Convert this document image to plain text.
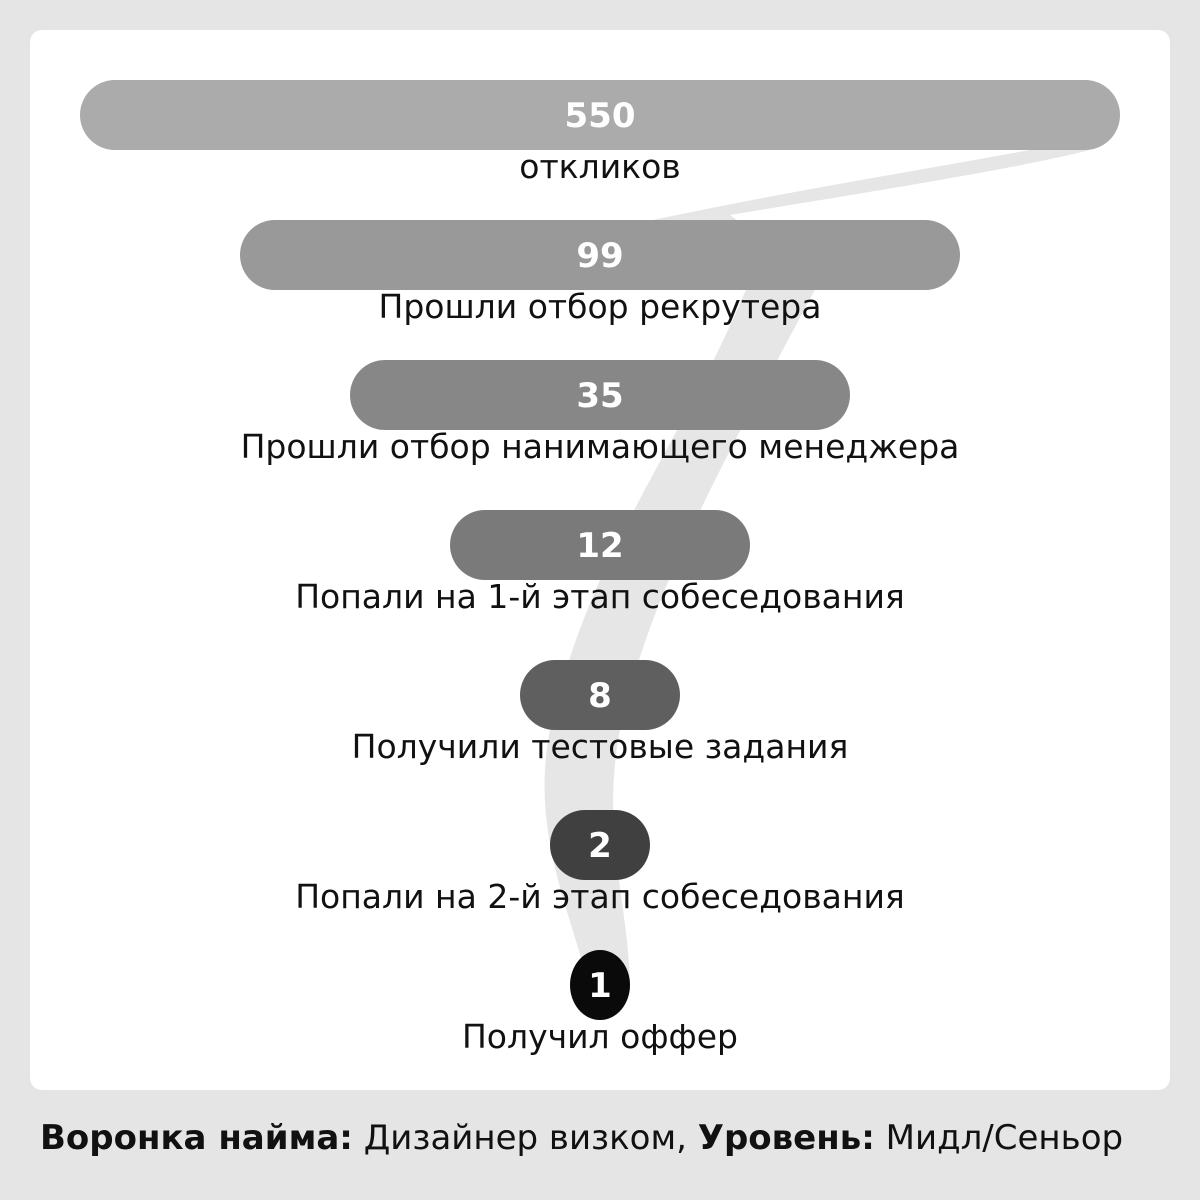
550
откликов
99
Прошли отбор рекрутера
35
Прошли отбор нанимающего менеджера
12
Попали на 1-й этап собеседования
8
Получили тестовые задания
2
Попали на 2-й этап собеседования
1
Получил оффер
Воронка найма: Дизайнер визком, Уровень: Мидл/Сеньор
